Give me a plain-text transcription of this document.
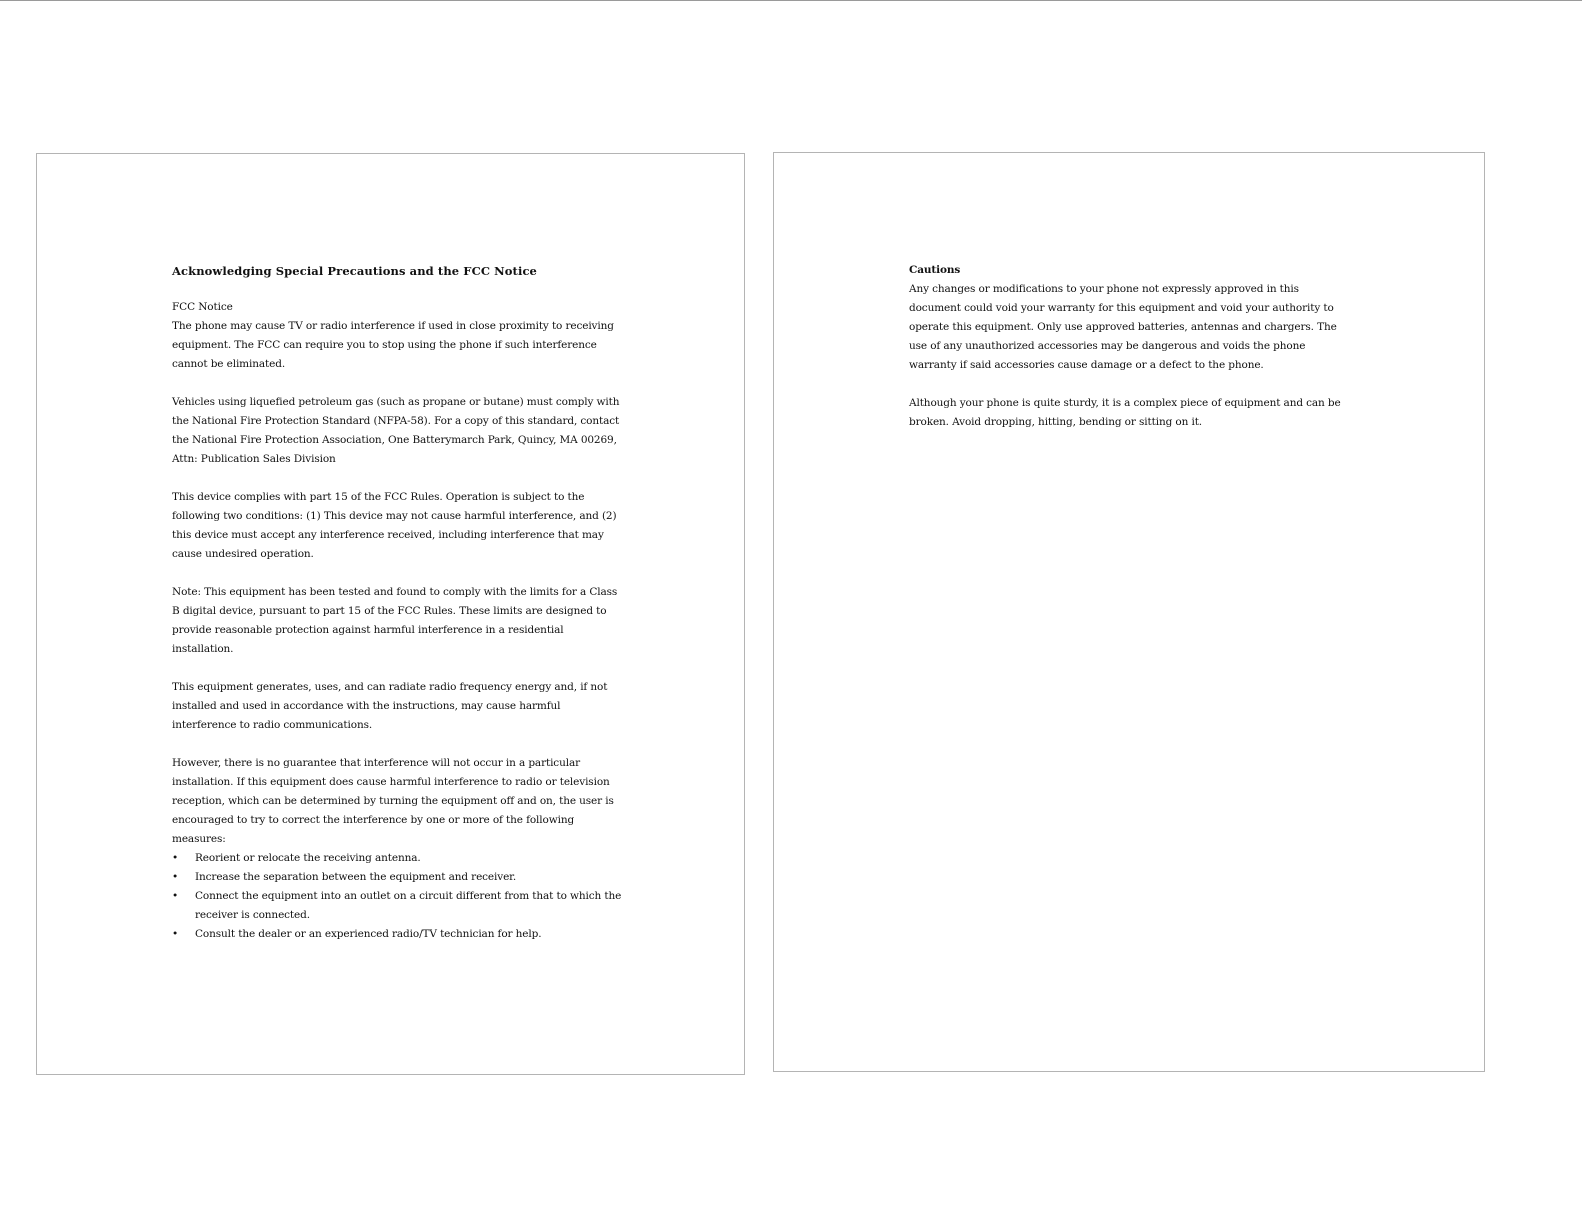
Acknowledging Special Precautions and the FCC Notice
FCC Notice

The phone may cause TV or radio interference if used in close proximity to receiving equipment. The FCC can require you to stop using the phone if such interference cannot be eliminated.

Vehicles using liquefied petroleum gas (such as propane or butane) must comply with the National Fire Protection Standard (NFPA-58). For a copy of this standard, contact the National Fire Protection Association, One Batterymarch Park, Quincy, MA 00269, Attn: Publication Sales Division

This device complies with part 15 of the FCC Rules. Operation is subject to the following two conditions: (1) This device may not cause harmful interference, and (2) this device must accept any interference received, including interference that may cause undesired operation.

Note: This equipment has been tested and found to comply with the limits for a Class B digital device, pursuant to part 15 of the FCC Rules. These limits are designed to provide reasonable protection against harmful interference in a residential installation.

This equipment generates, uses, and can radiate radio frequency energy and, if not installed and used in accordance with the instructions, may cause harmful interference to radio communications.

However, there is no guarantee that interference will not occur in a particular installation. If this equipment does cause harmful interference to radio or television reception, which can be determined by turning the equipment off and on, the user is encouraged to try to correct the interference by one or more of the following measures:

• Reorient or relocate the receiving antenna.
• Increase the separation between the equipment and receiver.
• Connect the equipment into an outlet on a circuit different from that to which the receiver is connected.
• Consult the dealer or an experienced radio/TV technician for help.
Cautions

Any changes or modifications to your phone not expressly approved in this document could void your warranty for this equipment and void your authority to operate this equipment. Only use approved batteries, antennas and chargers. The use of any unauthorized accessories may be dangerous and voids the phone warranty if said accessories cause damage or a defect to the phone.

Although your phone is quite sturdy, it is a complex piece of equipment and can be broken. Avoid dropping, hitting, bending or sitting on it.
